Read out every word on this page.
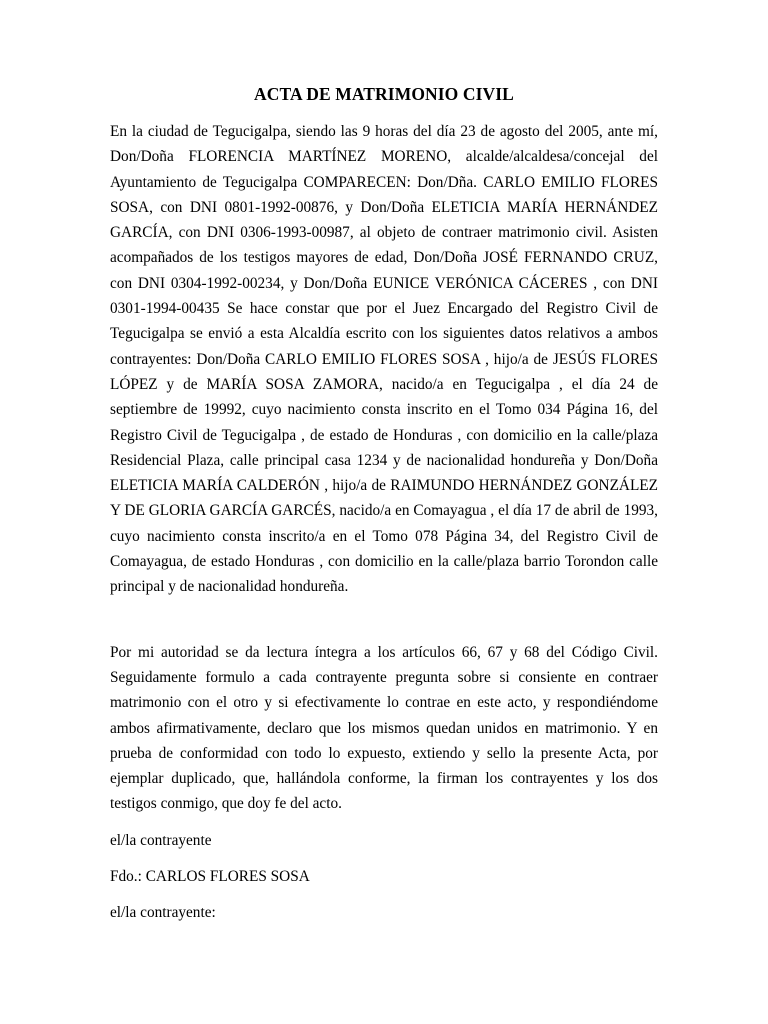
ACTA DE MATRIMONIO CIVIL

En la ciudad de Tegucigalpa, siendo las 9 horas del día 23 de agosto del 2005, ante mí, Don/Doña FLORENCIA MARTÍNEZ MORENO, alcalde/alcaldesa/concejal del Ayuntamiento de Tegucigalpa COMPARECEN: Don/Dña. CARLO EMILIO FLORES SOSA, con DNI 0801-1992-00876, y Don/Doña ELETICIA MARÍA HERNÁNDEZ GARCÍA, con DNI 0306-1993-00987, al objeto de contraer matrimonio civil. Asisten acompañados de los testigos mayores de edad, Don/Doña JOSÉ FERNANDO CRUZ, con DNI 0304-1992-00234, y Don/Doña EUNICE VERÓNICA CÁCERES , con DNI 0301-1994-00435 Se hace constar que por el Juez Encargado del Registro Civil de Tegucigalpa se envió a esta Alcaldía escrito con los siguientes datos relativos a ambos contrayentes: Don/Doña CARLO EMILIO FLORES SOSA , hijo/a de JESÚS FLORES LÓPEZ y de MARÍA SOSA ZAMORA, nacido/a en Tegucigalpa , el día 24 de septiembre de 19992, cuyo nacimiento consta inscrito en el Tomo 034 Página 16, del Registro Civil de Tegucigalpa , de estado de Honduras , con domicilio en la calle/plaza Residencial Plaza, calle principal casa 1234 y de nacionalidad hondureña y Don/Doña ELETICIA MARÍA CALDERÓN , hijo/a de RAIMUNDO HERNÁNDEZ GONZÁLEZ Y DE GLORIA GARCÍA GARCÉS, nacido/a en Comayagua , el día 17 de abril de 1993, cuyo nacimiento consta inscrito/a en el Tomo 078 Página 34, del Registro Civil de Comayagua, de estado Honduras , con domicilio en la calle/plaza barrio Torondon calle principal y de nacionalidad hondureña.

Por mi autoridad se da lectura íntegra a los artículos 66, 67 y 68 del Código Civil. Seguidamente formulo a cada contrayente pregunta sobre si consiente en contraer matrimonio con el otro y si efectivamente lo contrae en este acto, y respondiéndome ambos afirmativamente, declaro que los mismos quedan unidos en matrimonio. Y en prueba de conformidad con todo lo expuesto, extiendo y sello la presente Acta, por ejemplar duplicado, que, hallándola conforme, la firman los contrayentes y los dos testigos conmigo, que doy fe del acto.

el/la contrayente

Fdo.: CARLOS FLORES SOSA

el/la contrayente:
